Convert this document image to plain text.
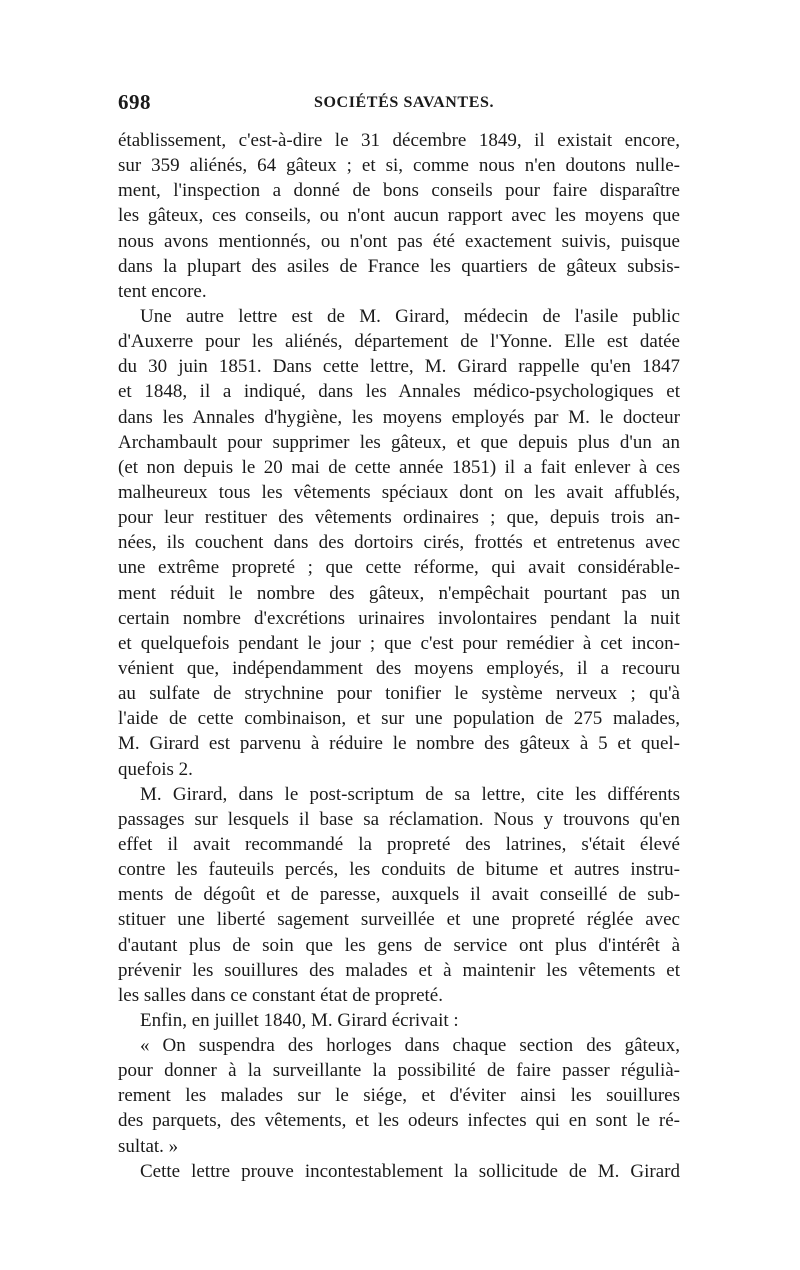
698	SOCIÉTÉS SAVANTES.
établissement, c'est-à-dire le 31 décembre 1849, il existait encore,
sur 359 aliénés, 64 gâteux ; et si, comme nous n'en doutons nulle-
ment, l'inspection a donné de bons conseils pour faire disparaître
les gâteux, ces conseils, ou n'ont aucun rapport avec les moyens que
nous avons mentionnés, ou n'ont pas été exactement suivis, puisque
dans la plupart des asiles de France les quartiers de gâteux subsis-
tent encore.
Une autre lettre est de M. Girard, médecin de l'asile public
d'Auxerre pour les aliénés, département de l'Yonne. Elle est datée
du 30 juin 1851. Dans cette lettre, M. Girard rappelle qu'en 1847
et 1848, il a indiqué, dans les Annales médico-psychologiques et
dans les Annales d'hygiène, les moyens employés par M. le docteur
Archambault pour supprimer les gâteux, et que depuis plus d'un an
(et non depuis le 20 mai de cette année 1851) il a fait enlever à ces
malheureux tous les vêtements spéciaux dont on les avait affublés,
pour leur restituer des vêtements ordinaires ; que, depuis trois an-
nées, ils couchent dans des dortoirs cirés, frottés et entretenus avec
une extrême propreté ; que cette réforme, qui avait considérable-
ment réduit le nombre des gâteux, n'empêchait pourtant pas un
certain nombre d'excrétions urinaires involontaires pendant la nuit
et quelquefois pendant le jour ; que c'est pour remédier à cet incon-
vénient que, indépendamment des moyens employés, il a recouru
au sulfate de strychnine pour tonifier le système nerveux ; qu'à
l'aide de cette combinaison, et sur une population de 275 malades,
M. Girard est parvenu à réduire le nombre des gâteux à 5 et quel-
quefois 2.
M. Girard, dans le post-scriptum de sa lettre, cite les différents
passages sur lesquels il base sa réclamation. Nous y trouvons qu'en
effet il avait recommandé la propreté des latrines, s'était élevé
contre les fauteuils percés, les conduits de bitume et autres instru-
ments de dégoût et de paresse, auxquels il avait conseillé de sub-
stituer une liberté sagement surveillée et une propreté réglée avec
d'autant plus de soin que les gens de service ont plus d'intérêt à
prévenir les souillures des malades et à maintenir les vêtements et
les salles dans ce constant état de propreté.
Enfin, en juillet 1840, M. Girard écrivait :
« On suspendra des horloges dans chaque section des gâteux,
pour donner à la surveillante la possibilité de faire passer régulià-
rement les malades sur le siége, et d'éviter ainsi les souillures
des parquets, des vêtements, et les odeurs infectes qui en sont le ré-
sultat. »
Cette lettre prouve incontestablement la sollicitude de M. Girard
